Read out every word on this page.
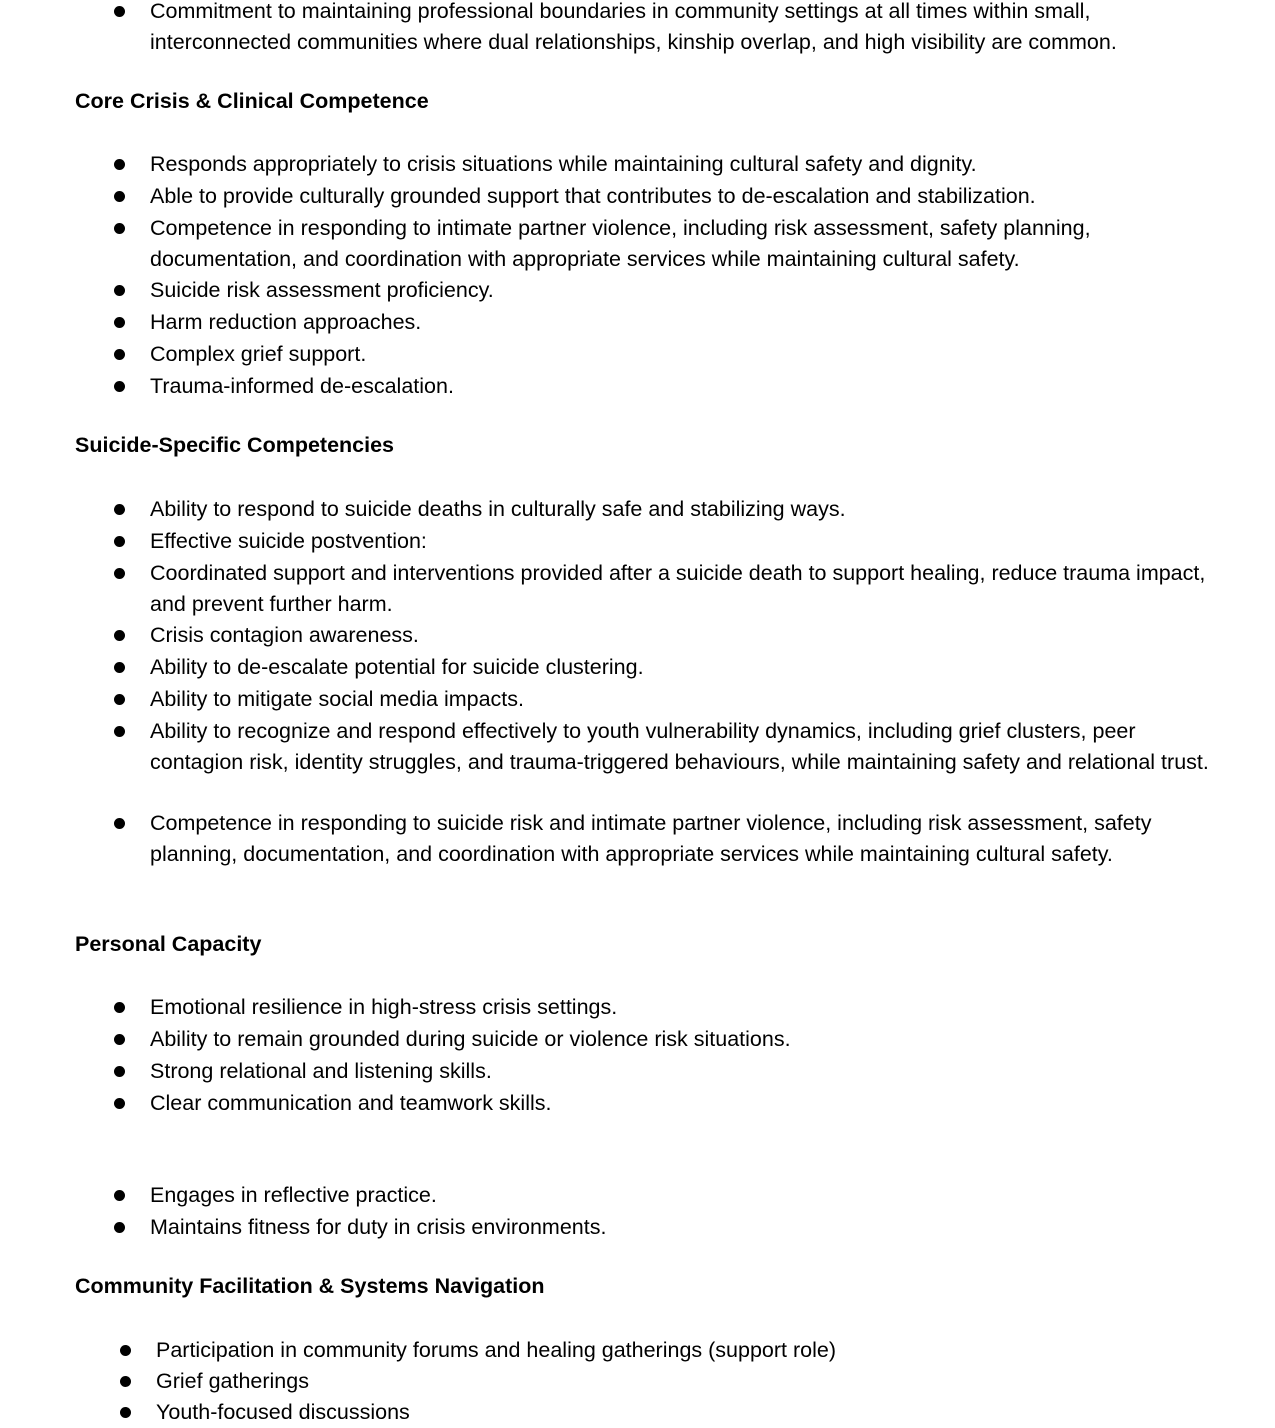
Commitment to maintaining professional boundaries in community settings at all times within small, interconnected communities where dual relationships, kinship overlap, and high visibility are common.
Core Crisis & Clinical Competence
Responds appropriately to crisis situations while maintaining cultural safety and dignity.
Able to provide culturally grounded support that contributes to de-escalation and stabilization.
Competence in responding to intimate partner violence, including risk assessment, safety planning, documentation, and coordination with appropriate services while maintaining cultural safety.
Suicide risk assessment proficiency.
Harm reduction approaches.
Complex grief support.
Trauma-informed de-escalation.
Suicide-Specific Competencies
Ability to respond to suicide deaths in culturally safe and stabilizing ways.
Effective suicide postvention:
Coordinated support and interventions provided after a suicide death to support healing, reduce trauma impact, and prevent further harm.
Crisis contagion awareness.
Ability to de-escalate potential for suicide clustering.
Ability to mitigate social media impacts.
Ability to recognize and respond effectively to youth vulnerability dynamics, including grief clusters, peer contagion risk, identity struggles, and trauma-triggered behaviours, while maintaining safety and relational trust.
Competence in responding to suicide risk and intimate partner violence, including risk assessment, safety planning, documentation, and coordination with appropriate services while maintaining cultural safety.
Personal Capacity
Emotional resilience in high-stress crisis settings.
Ability to remain grounded during suicide or violence risk situations.
Strong relational and listening skills.
Clear communication and teamwork skills.
Engages in reflective practice.
Maintains fitness for duty in crisis environments.
Community Facilitation & Systems Navigation
Participation in community forums and healing gatherings (support role)
Grief gatherings
Youth-focused discussions
